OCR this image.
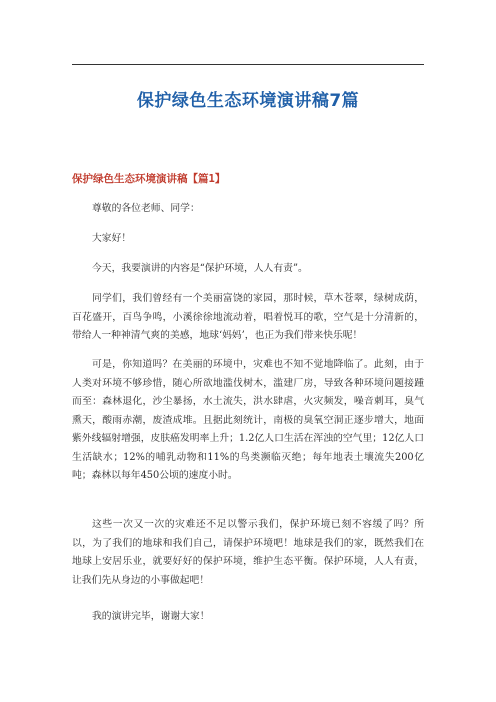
保护绿色生态环境演讲稿7篇
保护绿色生态环境演讲稿【篇1】

尊敬的各位老师、同学：

大家好！

今天，我要演讲的内容是“保护环境，人人有责”。

同学们，我们曾经有一个美丽富饶的家园，那时候，草木苍翠，绿树成荫，百花盛开，百鸟争鸣，小溪徐徐地流动着，唱着悦耳的歌，空气是十分清新的，带给人一种神清气爽的美感，地球‘妈妈’，也正为我们带来快乐呢！

可是，你知道吗？在美丽的环境中，灾难也不知不觉地降临了。此刻，由于人类对环境不够珍惜，随心所欲地滥伐树木，滥建厂房，导致各种环境问题接踵而至：森林退化，沙尘暴扬，水土流失，洪水肆虐，火灾频发，噪音刺耳，臭气熏天，酸雨赤潮，废渣成堆。且据此刻统计，南极的臭氧空洞正逐步增大，地面紫外线辐射增强，皮肤癌发明率上升；1.2亿人口生活在浑浊的空气里；12亿人口生活缺水；12%的哺乳动物和11%的鸟类濒临灭绝；每年地表土壤流失200亿吨；森林以每年450公顷的速度小时。

这些一次又一次的灾难还不足以警示我们，保护环境已刻不容缓了吗？所以，为了我们的地球和我们自己，请保护环境吧！地球是我们的家，既然我们在地球上安居乐业，就要好好的保护环境，维护生态平衡。保护环境，人人有责，让我们先从身边的小事做起吧！

我的演讲完毕，谢谢大家！
